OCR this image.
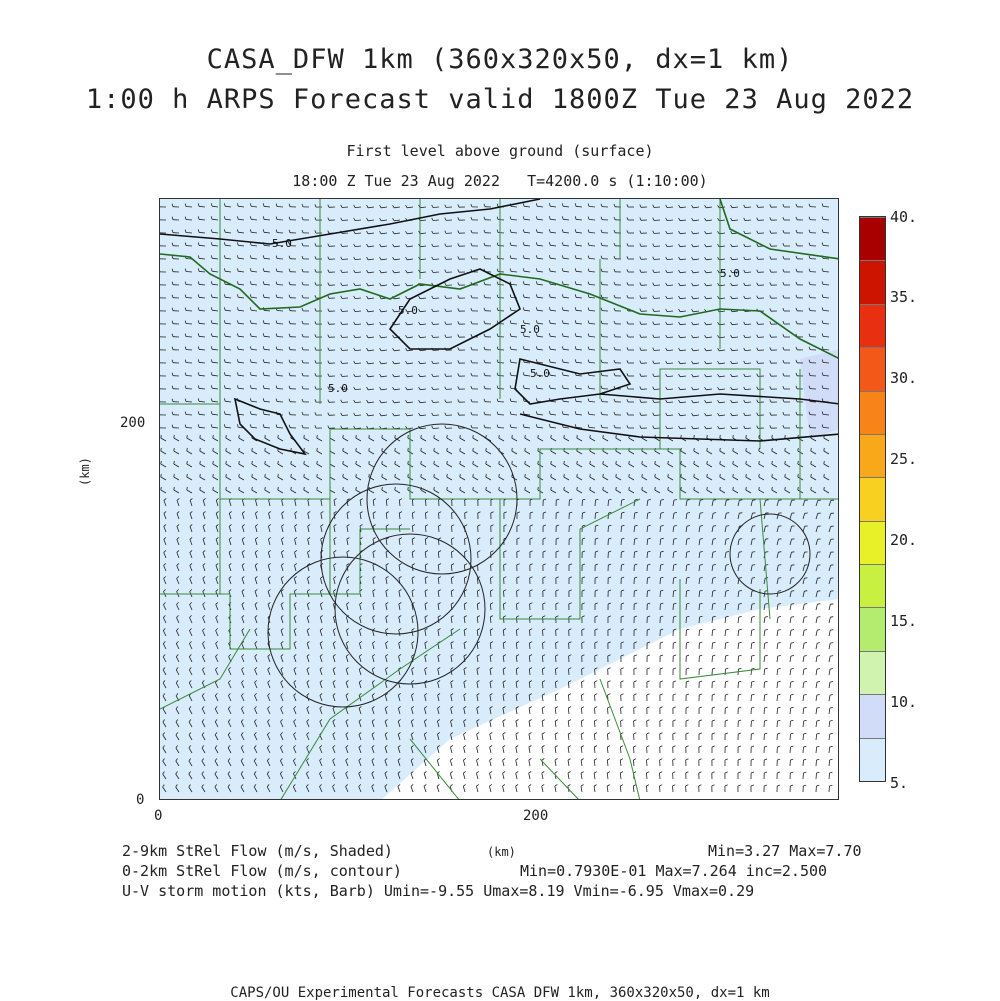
CASA_DFW 1km (360x320x50, dx=1 km)
1:00 h ARPS Forecast valid 1800Z Tue 23 Aug 2022
First level above ground (surface)
18:00 Z Tue 23 Aug 2022   T=4200.0 s (1:10:00)
5.0
5.0
5.0
5.0
5.0
5.0
200
0
0	200
(km)
40.
35.
30.
25.
20.
15.
10.
5.
2-9km StRel Flow (m/s, Shaded)	(km)	Min=3.27 Max=7.70
0-2km StRel Flow (m/s, contour)	Min=0.7930E-01 Max=7.264 inc=2.500
U-V storm motion (kts, Barb) Umin=-9.55 Umax=8.19 Vmin=-6.95 Vmax=0.29
CAPS/OU Experimental Forecasts CASA DFW 1km, 360x320x50, dx=1 km
